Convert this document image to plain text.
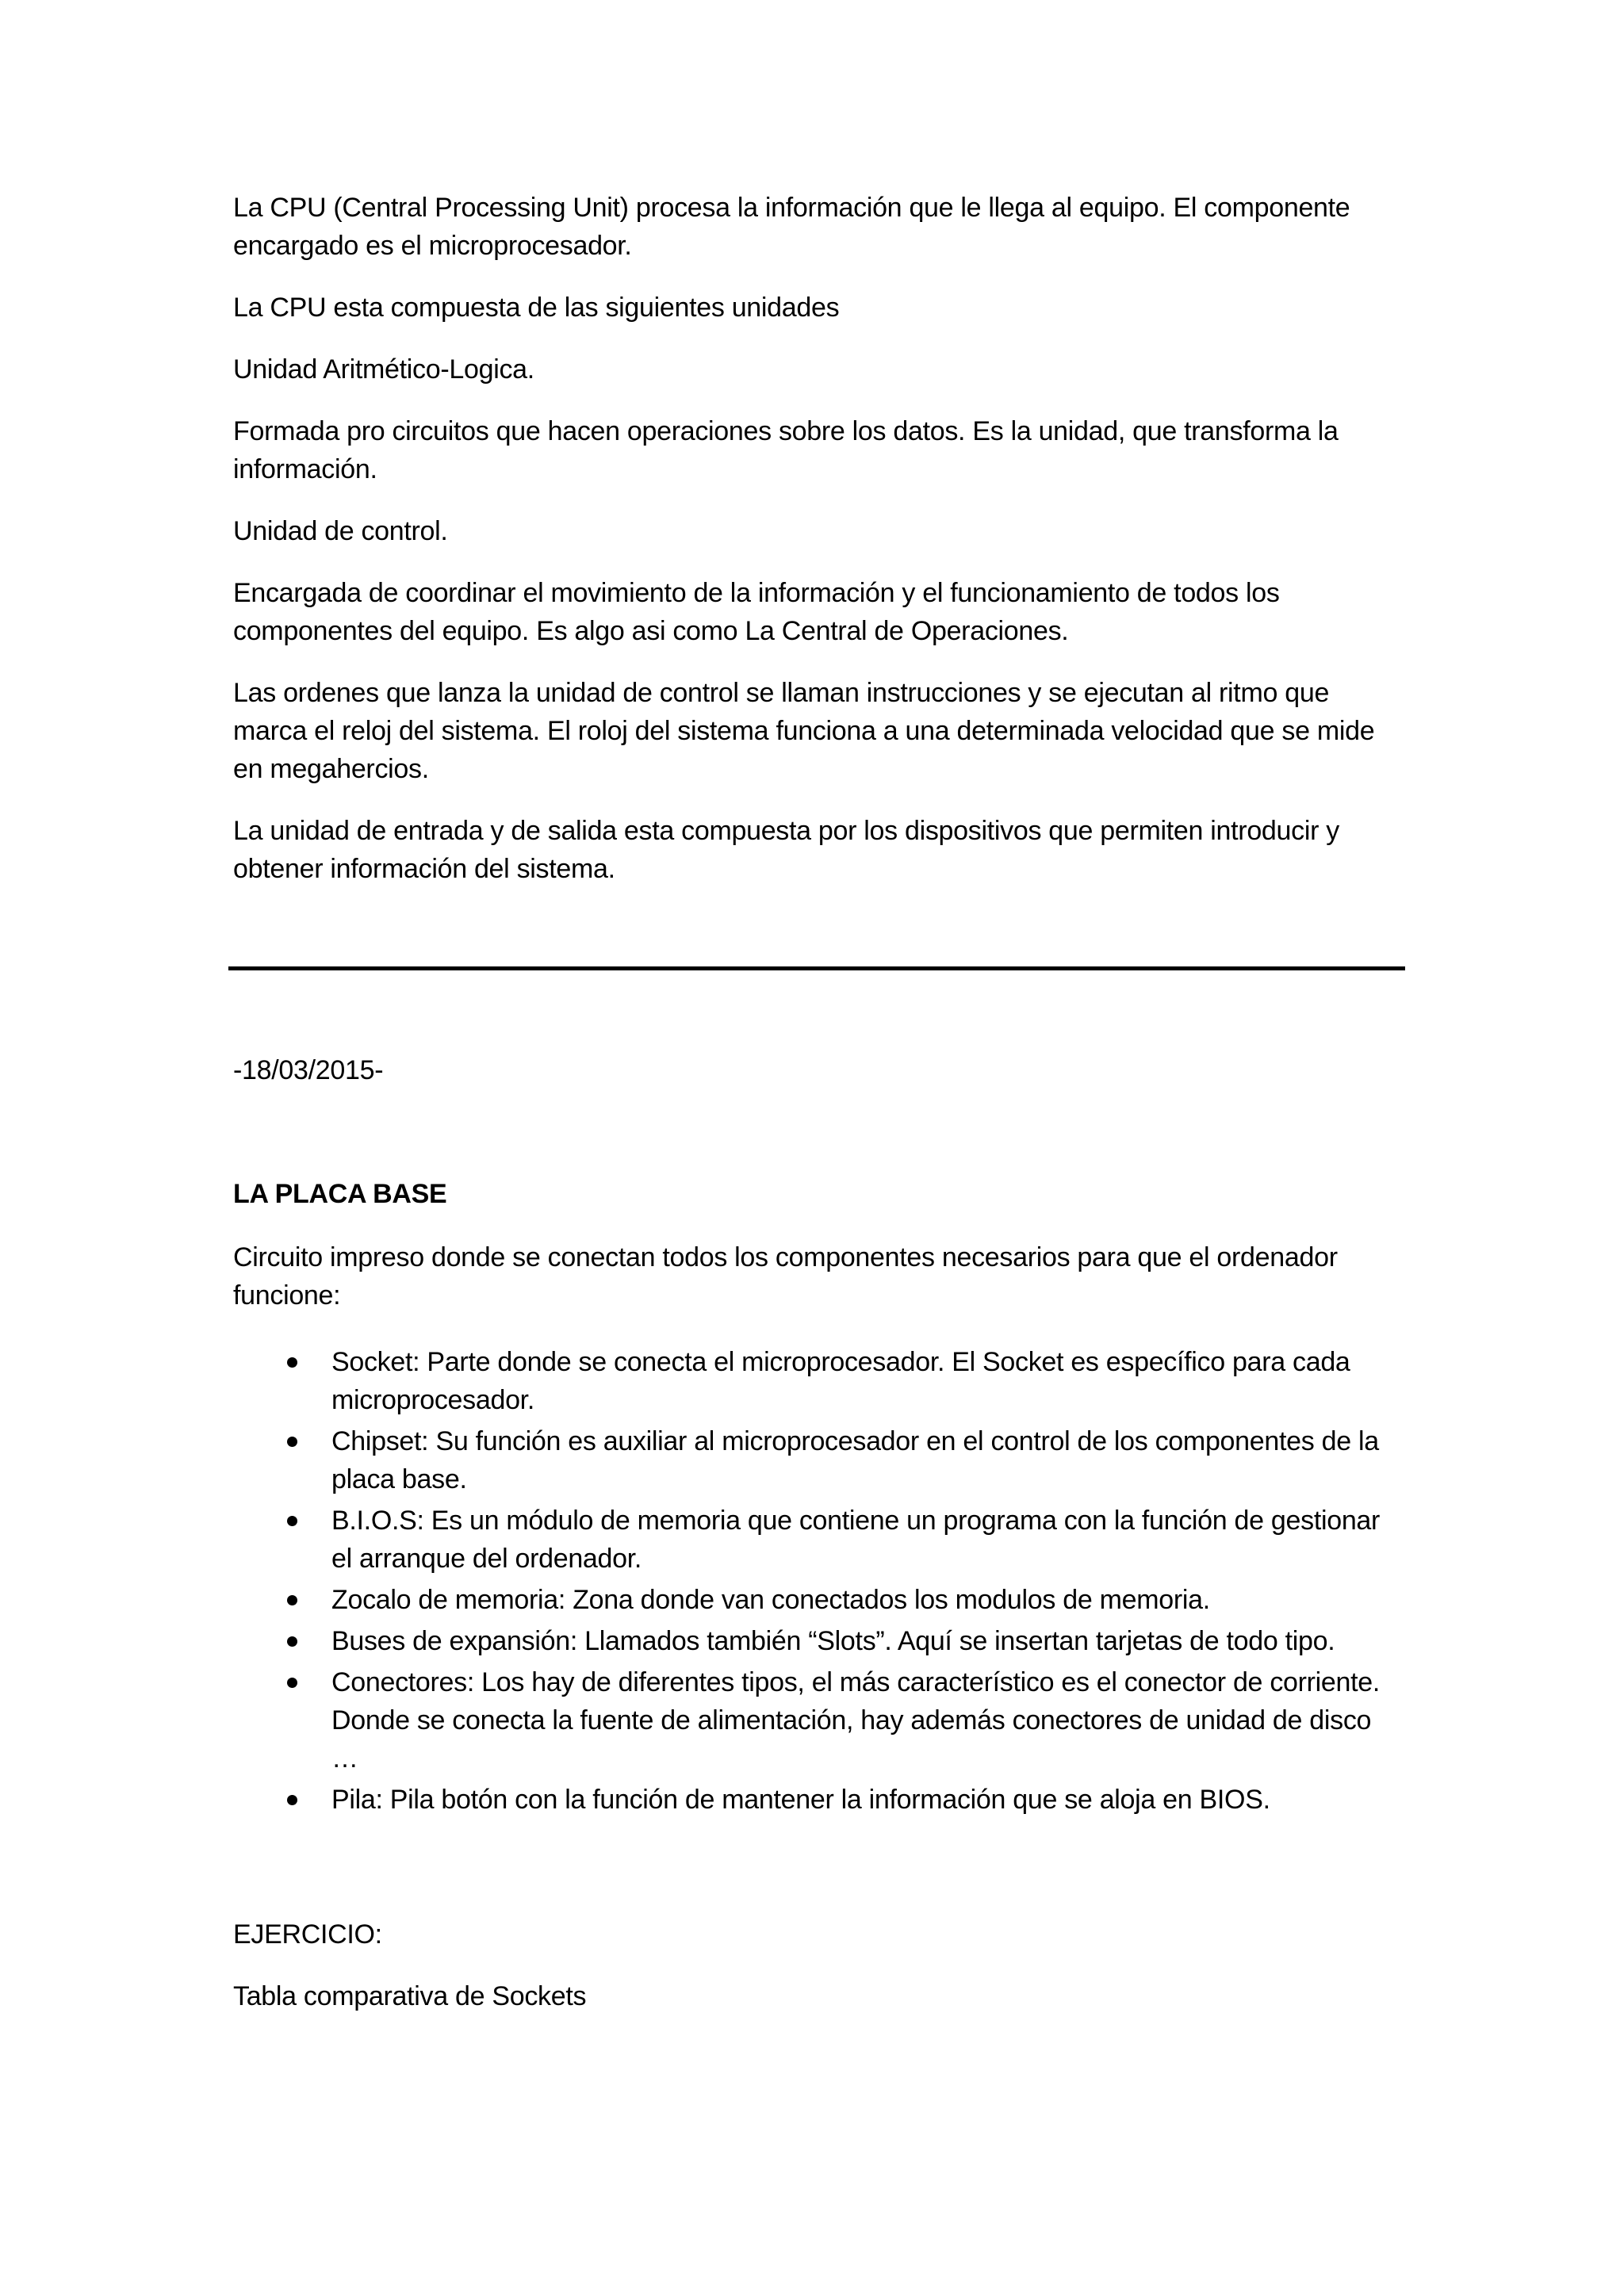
La CPU (Central Processing Unit) procesa la información que le llega al equipo. El componente encargado es el microprocesador.

La CPU esta compuesta de las siguientes unidades

Unidad Aritmético-Logica.

Formada pro circuitos que hacen operaciones sobre los datos. Es la unidad, que transforma la información.

Unidad de control.

Encargada de coordinar el movimiento de la información y el funcionamiento de todos los componentes del equipo. Es algo asi como La Central de Operaciones.

Las ordenes que lanza la unidad de control se llaman instrucciones y se ejecutan al ritmo que marca el reloj del sistema. El roloj del sistema funciona a una determinada velocidad que se mide en megahercios.

La unidad de entrada y de salida esta compuesta por los dispositivos que permiten introducir y obtener información del sistema.

-18/03/2015-

LA PLACA BASE

Circuito impreso donde se conectan todos los componentes necesarios para que el ordenador funcione:

Socket: Parte donde se conecta el microprocesador. El Socket es específico para cada microprocesador.
Chipset: Su función es auxiliar al microprocesador en el control de los componentes de la placa base.
B.I.O.S: Es un módulo de memoria que contiene un programa con la función de gestionar el arranque del ordenador.
Zocalo de memoria: Zona donde van conectados los modulos de memoria.
Buses de expansión: Llamados también “Slots”. Aquí se insertan tarjetas de todo tipo.
Conectores: Los hay de diferentes tipos, el más característico es el conector de corriente. Donde se conecta la fuente de alimentación, hay además conectores de unidad de disco …
Pila: Pila botón con la función de mantener la información que se aloja en BIOS.

EJERCICIO:

Tabla comparativa de Sockets
